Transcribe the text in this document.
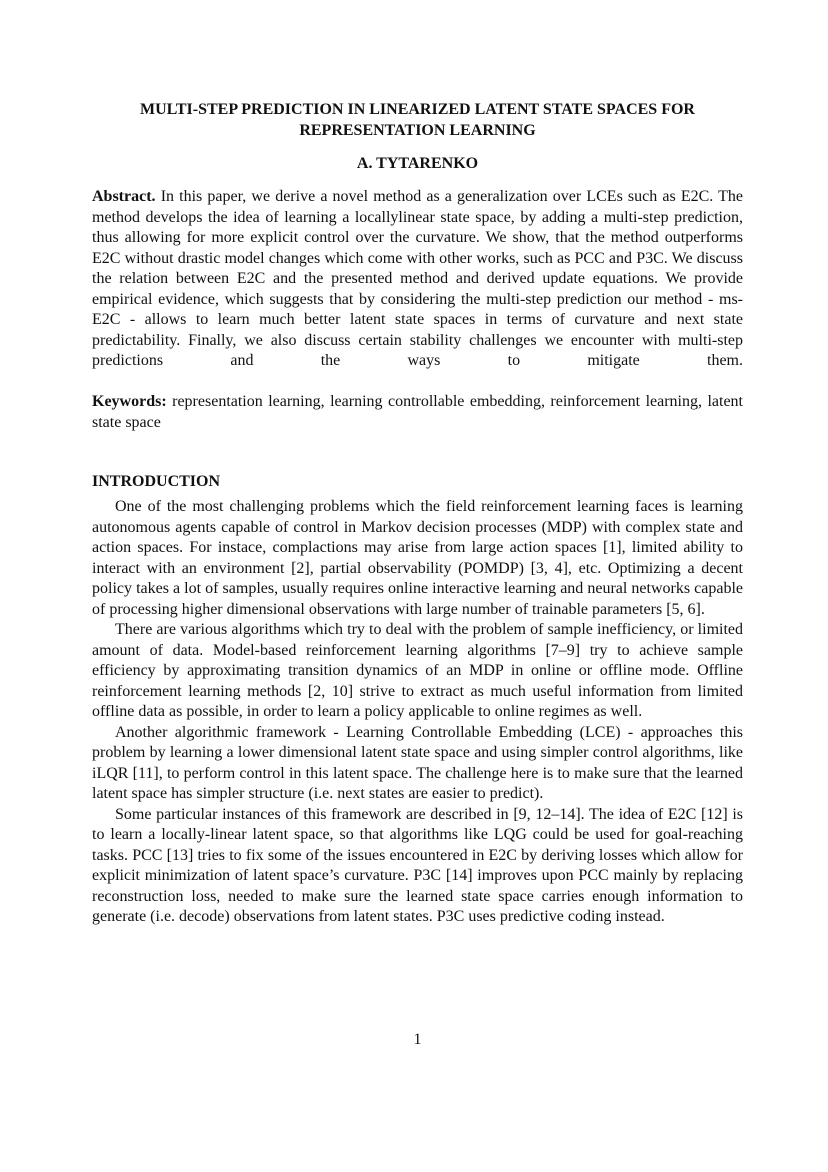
MULTI-STEP PREDICTION IN LINEARIZED LATENT STATE SPACES FOR REPRESENTATION LEARNING
A. TYTARENKO

Abstract. In this paper, we derive a novel method as a generalization over LCEs such as E2C. The method develops the idea of learning a locallylinear state space, by adding a multi-step prediction, thus allowing for more explicit control over the curvature. We show, that the method outperforms E2C without drastic model changes which come with other works, such as PCC and P3C. We discuss the relation between E2C and the presented method and derived update equations. We provide empirical evidence, which suggests that by considering the multi-step prediction our method - ms-E2C - allows to learn much better latent state spaces in terms of curvature and next state predictability. Finally, we also discuss certain stability challenges we encounter with multi-step predictions and the ways to mitigate them.

Keywords: representation learning, learning controllable embedding, reinforcement learning, latent state space

INTRODUCTION

One of the most challenging problems which the field reinforcement learning faces is learning autonomous agents capable of control in Markov decision processes (MDP) with complex state and action spaces. For instace, complactions may arise from large action spaces [1], limited ability to interact with an environment [2], partial observability (POMDP) [3, 4], etc. Optimizing a decent policy takes a lot of samples, usually requires online interactive learning and neural networks capable of processing higher dimensional observations with large number of trainable parameters [5, 6].

There are various algorithms which try to deal with the problem of sample inefficiency, or limited amount of data. Model-based reinforcement learning algorithms [7–9] try to achieve sample efficiency by approximating transition dynamics of an MDP in online or offline mode. Offline reinforcement learning methods [2, 10] strive to extract as much useful information from limited offline data as possible, in order to learn a policy applicable to online regimes as well.

Another algorithmic framework - Learning Controllable Embedding (LCE) - approaches this problem by learning a lower dimensional latent state space and using simpler control algorithms, like iLQR [11], to perform control in this latent space. The challenge here is to make sure that the learned latent space has simpler structure (i.e. next states are easier to predict).

Some particular instances of this framework are described in [9, 12–14]. The idea of E2C [12] is to learn a locally-linear latent space, so that algorithms like LQG could be used for goal-reaching tasks. PCC [13] tries to fix some of the issues encountered in E2C by deriving losses which allow for explicit minimization of latent space’s curvature. P3C [14] improves upon PCC mainly by replacing reconstruction loss, needed to make sure the learned state space carries enough information to generate (i.e. decode) observations from latent states. P3C uses predictive coding instead.

1
